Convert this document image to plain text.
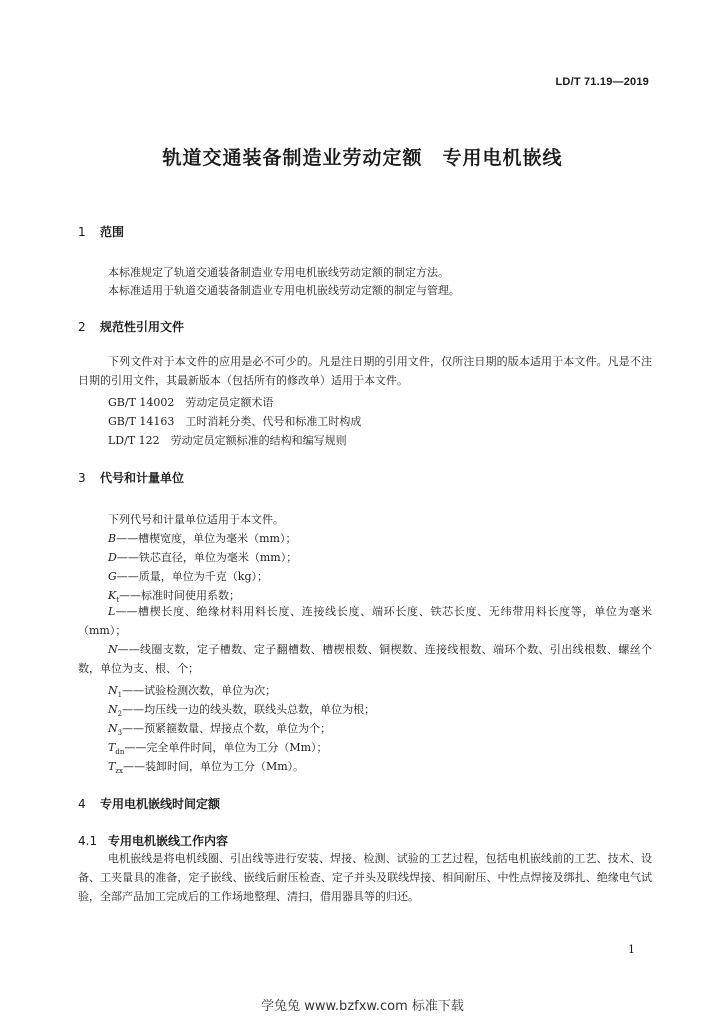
LD/T 71.19—2019
轨道交通装备制造业劳动定额　专用电机嵌线
1 范围
本标准规定了轨道交通装备制造业专用电机嵌线劳动定额的制定方法。
本标准适用于轨道交通装备制造业专用电机嵌线劳动定额的制定与管理。
2 规范性引用文件
下列文件对于本文件的应用是必不可少的。凡是注日期的引用文件，仅所注日期的版本适用于本文件。凡是不注日期的引用文件，其最新版本（包括所有的修改单）适用于本文件。
GB/T 14002　劳动定员定额术语
GB/T 14163　工时消耗分类、代号和标准工时构成
LD/T 122　劳动定员定额标准的结构和编写规则
3 代号和计量单位
下列代号和计量单位适用于本文件。
B——槽楔宽度，单位为毫米（mm）；
D——铁芯直径，单位为毫米（mm）；
G——质量，单位为千克（kg）；
$K_t——$标准时间使用系数；
L——槽楔长度、绝缘材料用料长度、连接线长度、端环长度、铁芯长度、无纬带用料长度等，单位为毫米（mm）；
N——线圈支数，定子槽数、定子翻槽数、槽楔根数、铜楔数、连接线根数、端环个数、引出线根数、螺丝个数，单位为支、根、个；
$N_1——$试验检测次数，单位为次；
$N_2——$均压线一边的线头数，联线头总数，单位为根；
$N_3——$预紧箍数量、焊接点个数，单位为个；
$T_{dn}——$完全单件时间，单位为工分（Mm）；
$T_{zx}——$装卸时间，单位为工分（Mm）。
4 专用电机嵌线时间定额
4.1 专用电机嵌线工作内容
电机嵌线是将电机线圈、引出线等进行安装、焊接、检测、试验的工艺过程，包括电机嵌线前的工艺、技术、设备、工夹量具的准备，定子嵌线、嵌线后耐压检查、定子并头及联线焊接、相间耐压、中性点焊接及绑扎、绝缘电气试验，全部产品加工完成后的工作场地整理、清扫，借用器具等的归还。
1
学兔兔 www.bzfxw.com 标准下载
